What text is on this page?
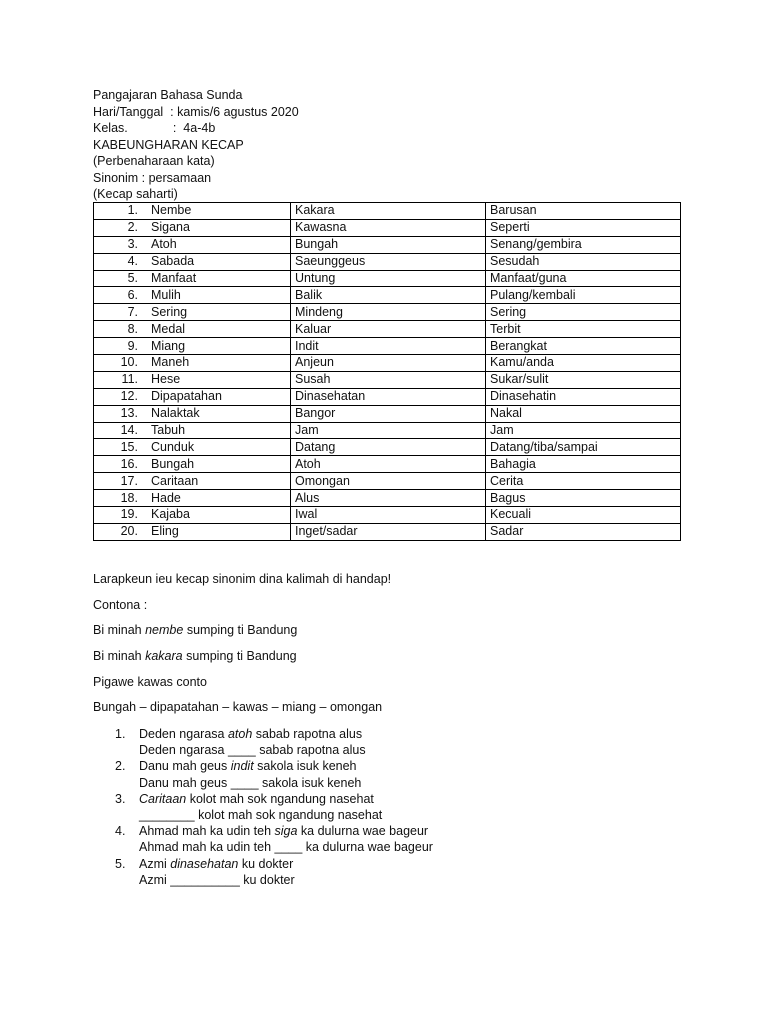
Pangajaran Bahasa Sunda
Hari/Tanggal  : kamis/6 agustus 2020
Kelas.             :  4a-4b
KABEUNGHARAN KECAP
(Perbenaharaan kata)
Sinonim : persamaan
(Kecap saharti)
1. Nembe	Kakara	Barusan
2. Sigana	Kawasna	Seperti
3. Atoh	Bungah	Senang/gembira
4. Sabada	Saeunggeus	Sesudah
5. Manfaat	Untung	Manfaat/guna
6. Mulih	Balik	Pulang/kembali
7. Sering	Mindeng	Sering
8. Medal	Kaluar	Terbit
9. Miang	Indit	Berangkat
10. Maneh	Anjeun	Kamu/anda
11. Hese	Susah	Sukar/sulit
12. Dipapatahan	Dinasehatan	Dinasehatin
13. Nalaktak	Bangor	Nakal
14. Tabuh	Jam	Jam
15. Cunduk	Datang	Datang/tiba/sampai
16. Bungah	Atoh	Bahagia
17. Caritaan	Omongan	Cerita
18. Hade	Alus	Bagus
19. Kajaba	Iwal	Kecuali
20. Eling	Inget/sadar	Sadar
Larapkeun ieu kecap sinonim dina kalimah di handap!
Contona :
Bi minah nembe sumping ti Bandung
Bi minah kakara sumping ti Bandung
Pigawe kawas conto
Bungah – dipapatahan – kawas – miang – omongan
1. Deden ngarasa atoh sabab rapotna alus
Deden ngarasa ____ sabab rapotna alus
2. Danu mah geus indit sakola isuk keneh
Danu mah geus ____ sakola isuk keneh
3. Caritaan kolot mah sok ngandung nasehat
________ kolot mah sok ngandung nasehat
4. Ahmad mah ka udin teh siga ka dulurna wae bageur
Ahmad mah ka udin teh ____ ka dulurna wae bageur
5. Azmi dinasehatan ku dokter
Azmi __________ ku dokter
